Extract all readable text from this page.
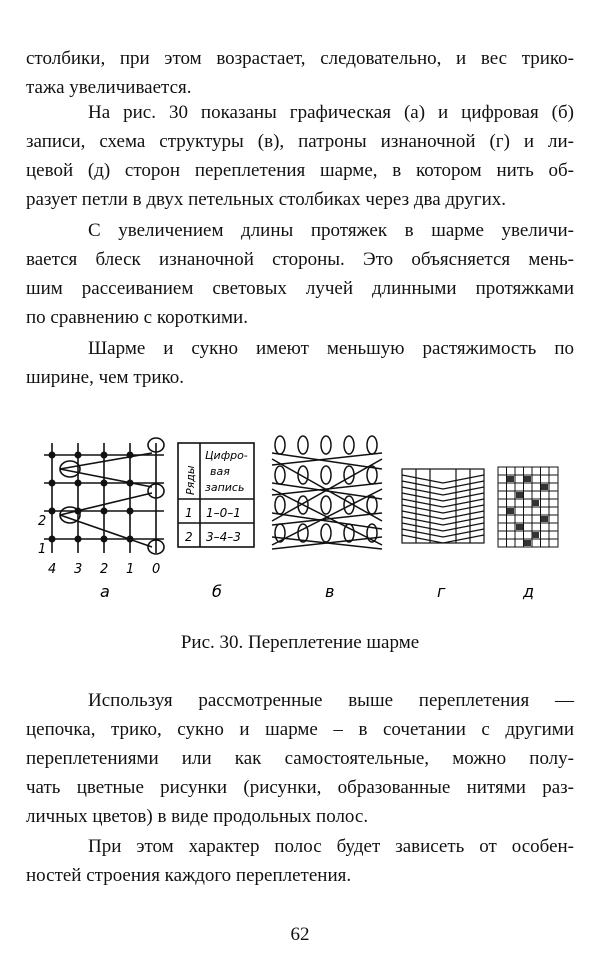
столбики, при этом возрастает, следовательно, и вес трико-
тажа увеличивается.
На рис. 30 показаны графическая (а) и цифровая (б)
записи, схема структуры (в), патроны изнаночной (г) и ли-
цевой (д) сторон переплетения шарме, в котором нить об-
разует петли в двух петельных столбиках через два других.
С увеличением длины протяжек в шарме увеличи-
вается блеск изнаночной стороны. Это объясняется мень-
шим рассеиванием световых лучей длинными протяжками
по сравнению с короткими.
Шарме и сукно имеют меньшую растяжимость по
ширине, чем трико.
2
1
4 3 2 1 0
Ряды
Цифро-
вая
запись
1 1–0–1
2 3–4–3
а	б	в	г	д
Рис. 30. Переплетение шарме
Используя рассмотренные выше переплетения —
цепочка, трико, сукно и шарме – в сочетании с другими
переплетениями или как самостоятельные, можно полу-
чать цветные рисунки (рисунки, образованные нитями раз-
личных цветов) в виде продольных полос.
При этом характер полос будет зависеть от особен-
ностей строения каждого переплетения.
62
